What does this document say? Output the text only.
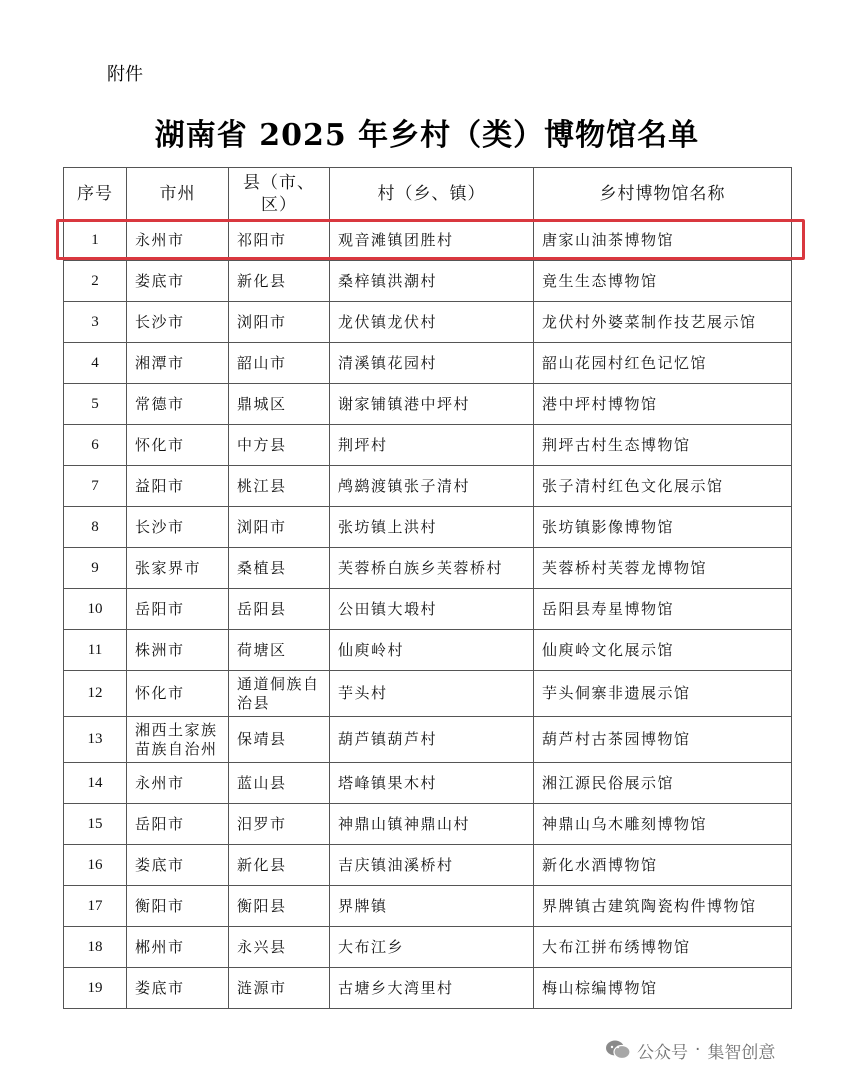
附件
湖南省 2025 年乡村（类）博物馆名单
序号	市州	县（市、区）	村（乡、镇）	乡村博物馆名称
1	永州市	祁阳市	观音滩镇团胜村	唐家山油茶博物馆
2	娄底市	新化县	桑梓镇洪潮村	竟生生态博物馆
3	长沙市	浏阳市	龙伏镇龙伏村	龙伏村外婆菜制作技艺展示馆
4	湘潭市	韶山市	清溪镇花园村	韶山花园村红色记忆馆
5	常德市	鼎城区	谢家铺镇港中坪村	港中坪村博物馆
6	怀化市	中方县	荆坪村	荆坪古村生态博物馆
7	益阳市	桃江县	鸬鹚渡镇张子清村	张子清村红色文化展示馆
8	长沙市	浏阳市	张坊镇上洪村	张坊镇影像博物馆
9	张家界市	桑植县	芙蓉桥白族乡芙蓉桥村	芙蓉桥村芙蓉龙博物馆
10	岳阳市	岳阳县	公田镇大塅村	岳阳县寿星博物馆
11	株洲市	荷塘区	仙庾岭村	仙庾岭文化展示馆
12	怀化市	通道侗族自治县	芋头村	芋头侗寨非遗展示馆
13	湘西土家族苗族自治州	保靖县	葫芦镇葫芦村	葫芦村古茶园博物馆
14	永州市	蓝山县	塔峰镇果木村	湘江源民俗展示馆
15	岳阳市	汨罗市	神鼎山镇神鼎山村	神鼎山乌木雕刻博物馆
16	娄底市	新化县	吉庆镇油溪桥村	新化水酒博物馆
17	衡阳市	衡阳县	界牌镇	界牌镇古建筑陶瓷构件博物馆
18	郴州市	永兴县	大布江乡	大布江拼布绣博物馆
19	娄底市	涟源市	古塘乡大湾里村	梅山棕编博物馆
公众号 · 集智创意
